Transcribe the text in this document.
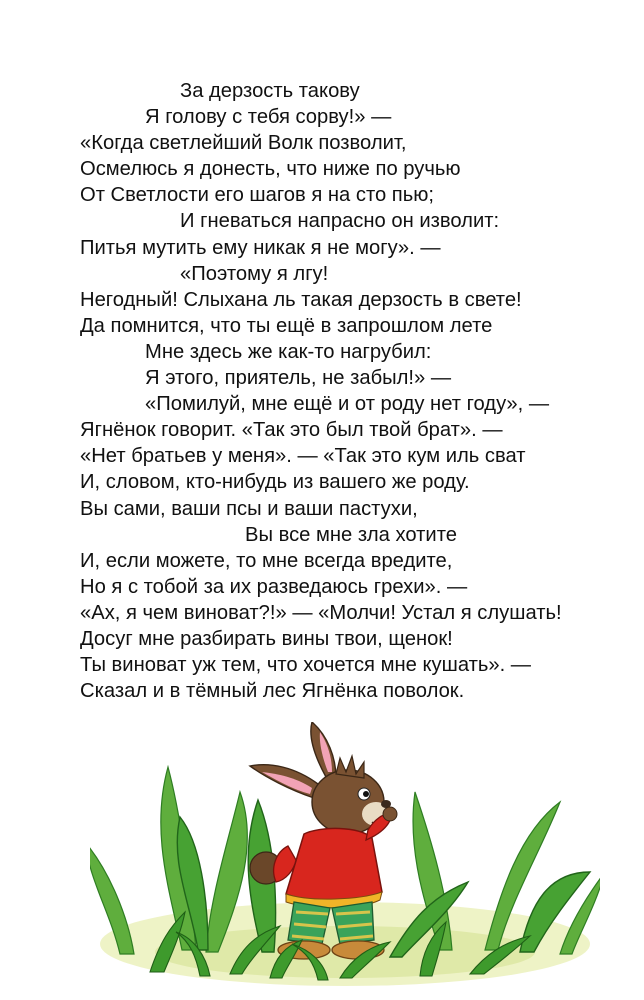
За дерзость такову
Я голову с тебя сорву!» —
«Когда светлейший Волк позволит,
Осмелюсь я донесть, что ниже по ручью
От Светлости его шагов я на сто пью;
И гневаться напрасно он изволит:
Питья мутить ему никак я не могу». —
«Поэтому я лгу!
Негодный! Слыхана ль такая дерзость в свете!
Да помнится, что ты ещё в запрошлом лете
Мне здесь же как-то нагрубил:
Я этого, приятель, не забыл!» —
«Помилуй, мне ещё и от роду нет году», —
Ягнёнок говорит. «Так это был твой брат». —
«Нет братьев у меня». — «Так это кум иль сват
И, словом, кто-нибудь из вашего же роду.
Вы сами, ваши псы и ваши пастухи,
Вы все мне зла хотите
И, если можете, то мне всегда вредите,
Но я с тобой за их разведаюсь грехи». —
«Ах, я чем виноват?!» — «Молчи! Устал я слушать!
Досуг мне разбирать вины твои, щенок!
Ты виноват уж тем, что хочется мне кушать». —
Сказал и в тёмный лес Ягнёнка поволок.
